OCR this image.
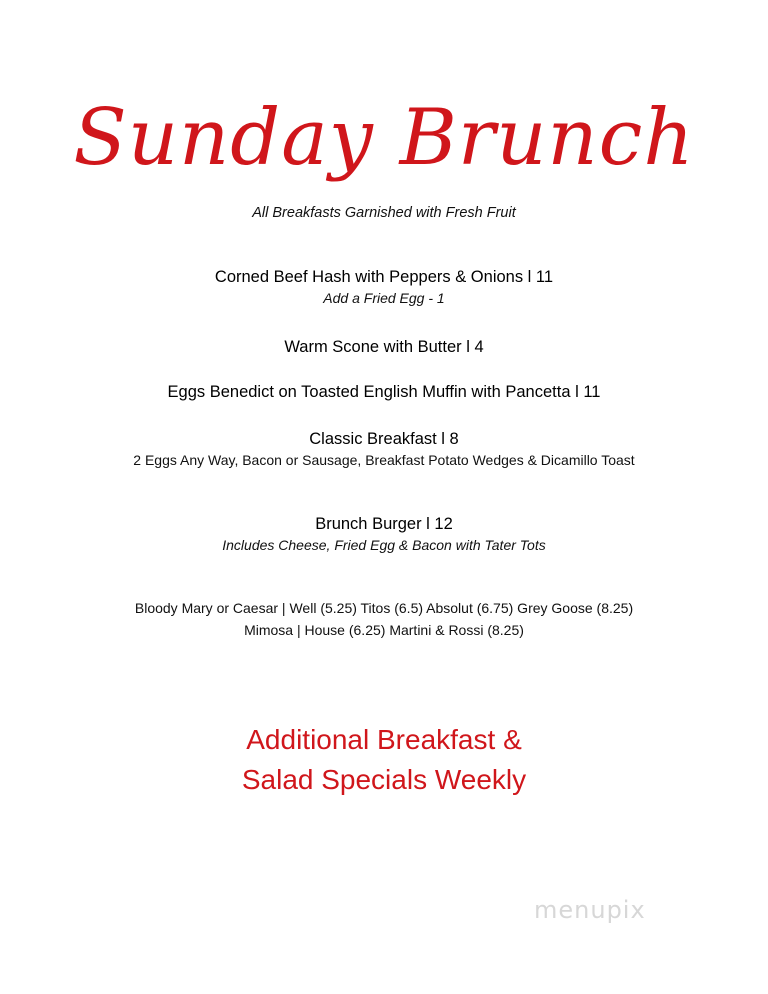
Sunday Brunch
All Breakfasts Garnished with Fresh Fruit
Corned Beef Hash with Peppers & Onions l 11
Add a Fried Egg - 1
Warm Scone with Butter l 4
Eggs Benedict on Toasted English Muffin with Pancetta l 11
Classic Breakfast l 8
2 Eggs Any Way, Bacon or Sausage, Breakfast Potato Wedges & Dicamillo Toast
Brunch Burger l 12
Includes Cheese, Fried Egg & Bacon with Tater Tots
Bloody Mary or Caesar | Well (5.25) Titos (6.5) Absolut (6.75) Grey Goose (8.25)
Mimosa | House (6.25) Martini & Rossi (8.25)
Additional Breakfast &
Salad Specials Weekly
menupix
